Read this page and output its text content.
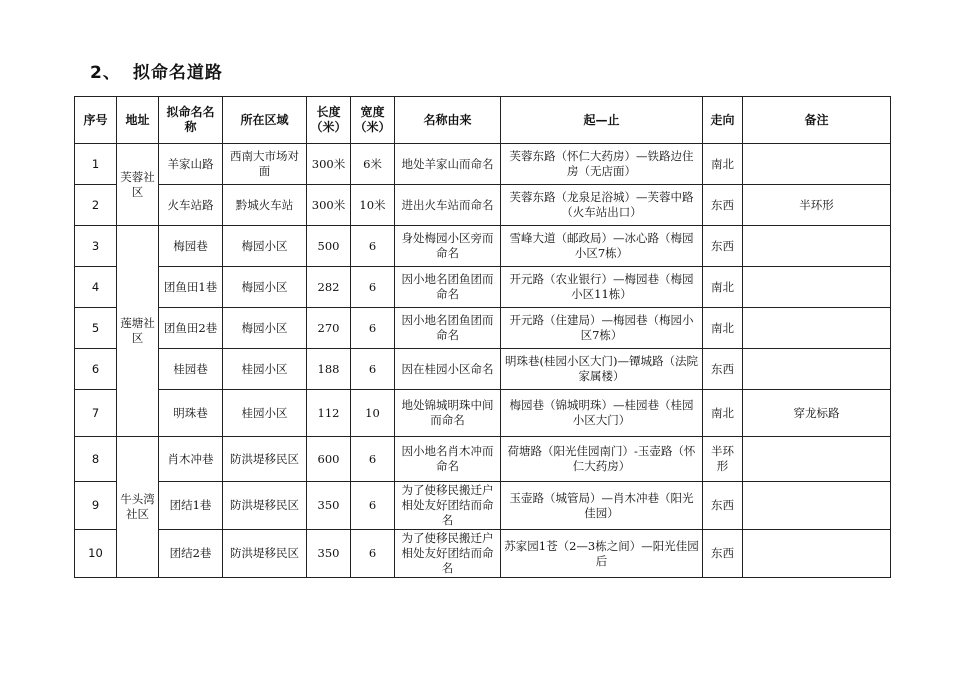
2、 拟命名道路
序号	地址	拟命名名称	所在区域	长度（米）	宽度（米）	名称由来	起—止	走向	备注
1	芙蓉社区	羊家山路	西南大市场对面	300米	6米	地处羊家山而命名	芙蓉东路（怀仁大药房）—铁路边住房（无店面）	南北	
2		火车站路	黔城火车站	300米	10米	进出火车站而命名	芙蓉东路（龙泉足浴城）—芙蓉中路（火车站出口）	东西	半环形
3	莲塘社区	梅园巷	梅园小区	500	6	身处梅园小区旁而命名	雪峰大道（邮政局）—冰心路（梅园小区7栋）	东西	
4		团鱼田1巷	梅园小区	282	6	因小地名团鱼团而命名	开元路（农业银行）—梅园巷（梅园小区11栋）	南北	
5		团鱼田2巷	梅园小区	270	6	因小地名团鱼团而命名	开元路（住建局）—梅园巷（梅园小区7栋）	南北	
6		桂园巷	桂园小区	188	6	因在桂园小区命名	明珠巷(桂园小区大门)—镡城路（法院家属楼）	东西	
7		明珠巷	桂园小区	112	10	地处锦城明珠中间而命名	梅园巷（锦城明珠）—桂园巷（桂园小区大门）	南北	穿龙标路
8	牛头湾社区	肖木冲巷	防洪堤移民区	600	6	因小地名肖木冲而命名	荷塘路（阳光佳园南门）-玉壶路（怀仁大药房）	半环形	
9		团结1巷	防洪堤移民区	350	6	为了使移民搬迁户相处友好团结而命名	玉壶路（城管局）—肖木冲巷（阳光佳园）	东西	
10		团结2巷	防洪堤移民区	350	6	为了使移民搬迁户相处友好团结而命名	苏家园1苍（2—3栋之间）—阳光佳园后	东西	
